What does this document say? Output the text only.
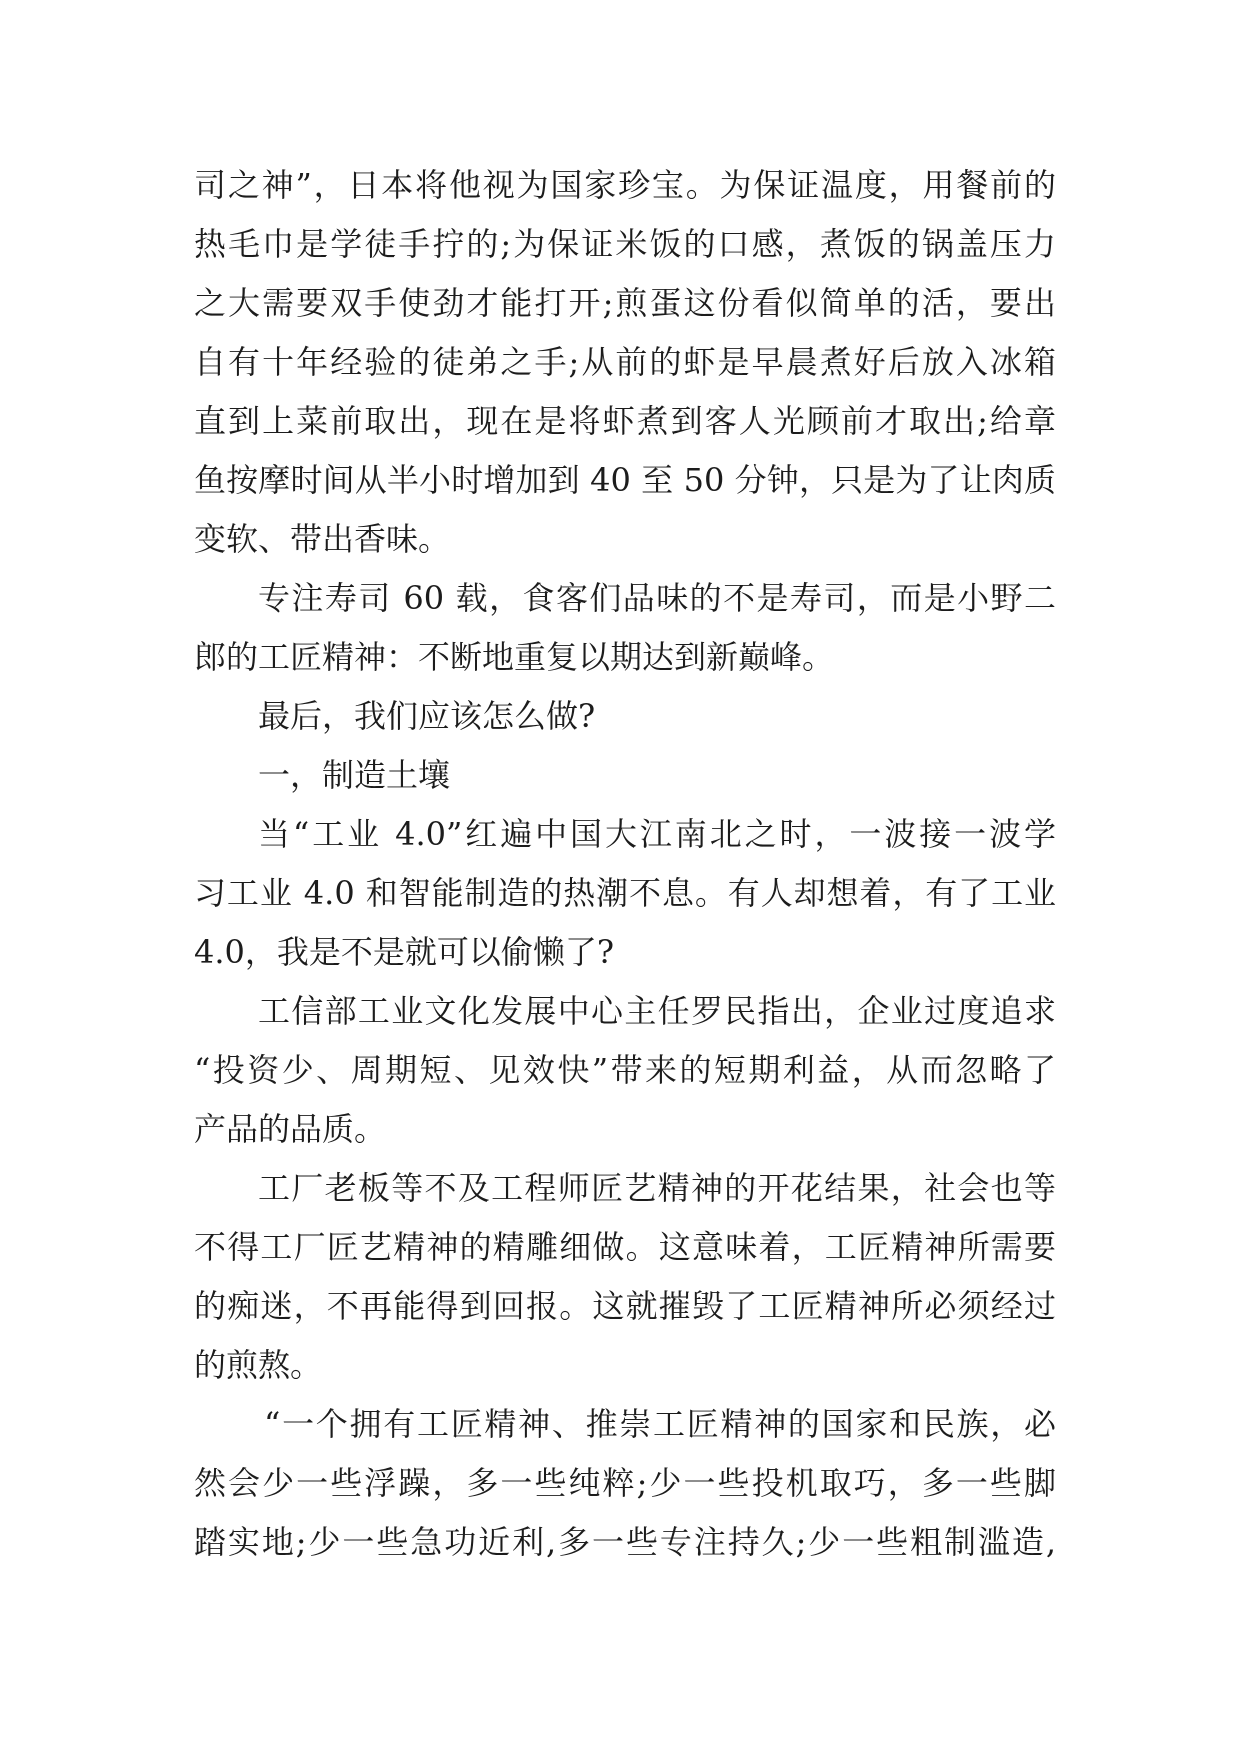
司之神”，日本将他视为国家珍宝。为保证温度，用餐前的
热毛巾是学徒手拧的;为保证米饭的口感，煮饭的锅盖压力
之大需要双手使劲才能打开;煎蛋这份看似简单的活，要出
自有十年经验的徒弟之手;从前的虾是早晨煮好后放入冰箱
直到上菜前取出，现在是将虾煮到客人光顾前才取出;给章
鱼按摩时间从半小时增加到 40 至 50 分钟，只是为了让肉质
变软、带出香味。
专注寿司 60 载，食客们品味的不是寿司，而是小野二
郎的工匠精神：不断地重复以期达到新巅峰。
最后，我们应该怎么做?
一，制造土壤
当“工业 4.0”红遍中国大江南北之时，一波接一波学
习工业 4.0 和智能制造的热潮不息。有人却想着，有了工业
4.0，我是不是就可以偷懒了?
工信部工业文化发展中心主任罗民指出，企业过度追求
“投资少、周期短、见效快”带来的短期利益，从而忽略了
产品的品质。
工厂老板等不及工程师匠艺精神的开花结果，社会也等
不得工厂匠艺精神的精雕细做。这意味着，工匠精神所需要
的痴迷，不再能得到回报。这就摧毁了工匠精神所必须经过
的煎熬。
“一个拥有工匠精神、推崇工匠精神的国家和民族，必
然会少一些浮躁，多一些纯粹;少一些投机取巧，多一些脚
踏实地;少一些急功近利,多一些专注持久;少一些粗制滥造,
